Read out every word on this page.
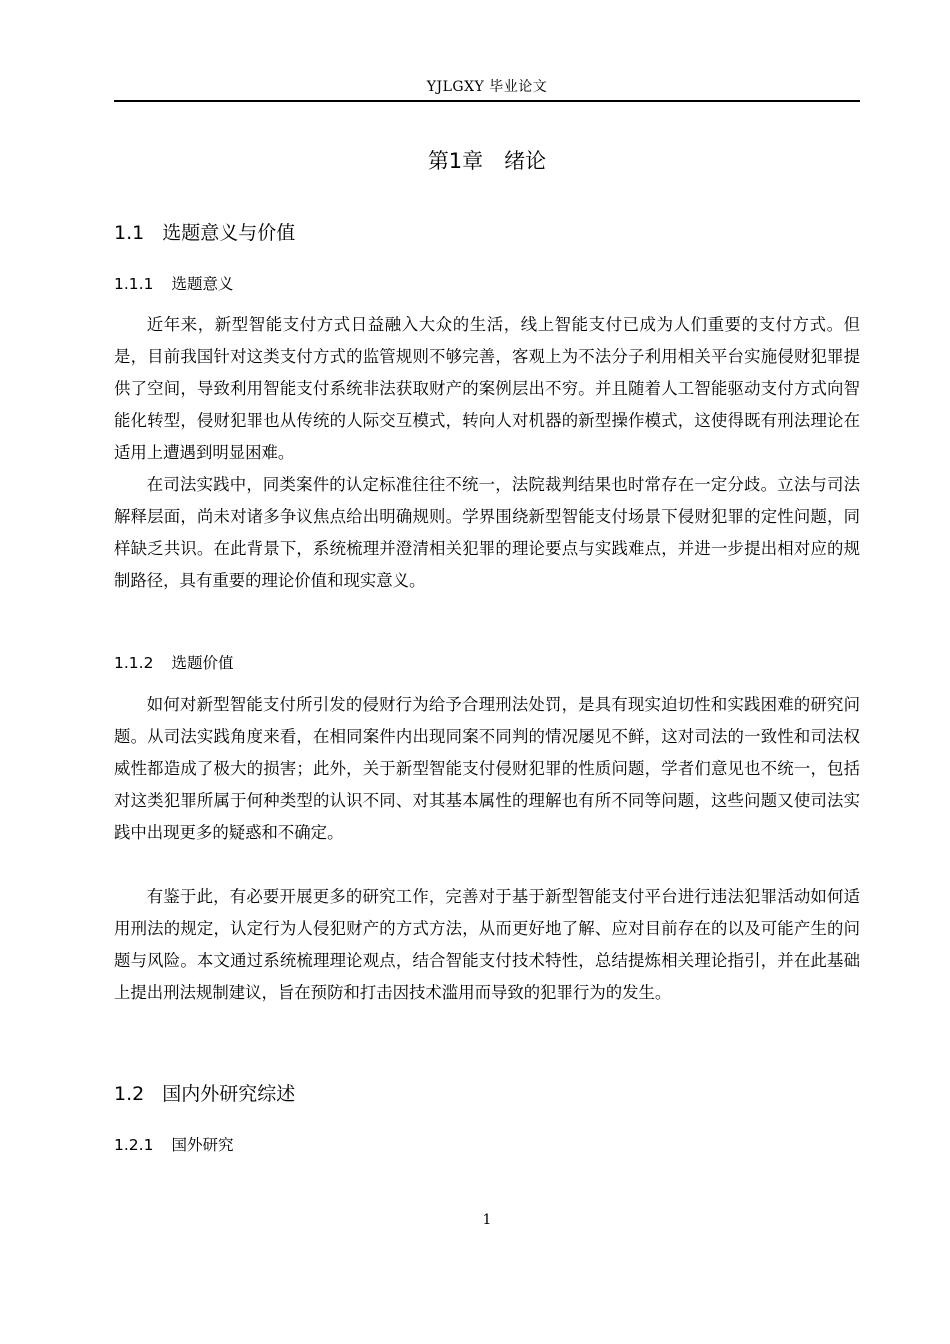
YJLGXY 毕业论文
第1章　绪论
1.1 选题意义与价值
1.1.1 选题意义

近年来，新型智能支付方式日益融入大众的生活，线上智能支付已成为人们重要的支付方式。但是，目前我国针对这类支付方式的监管规则不够完善，客观上为不法分子利用相关平台实施侵财犯罪提供了空间，导致利用智能支付系统非法获取财产的案例层出不穷。并且随着人工智能驱动支付方式向智能化转型，侵财犯罪也从传统的人际交互模式，转向人对机器的新型操作模式，这使得既有刑法理论在适用上遭遇到明显困难。

在司法实践中，同类案件的认定标准往往不统一，法院裁判结果也时常存在一定分歧。立法与司法解释层面，尚未对诸多争议焦点给出明确规则。学界围绕新型智能支付场景下侵财犯罪的定性问题，同样缺乏共识。在此背景下，系统梳理并澄清相关犯罪的理论要点与实践难点，并进一步提出相对应的规制路径，具有重要的理论价值和现实意义。

1.1.2 选题价值

如何对新型智能支付所引发的侵财行为给予合理刑法处罚，是具有现实迫切性和实践困难的研究问题。从司法实践角度来看，在相同案件内出现同案不同判的情况屡见不鲜，这对司法的一致性和司法权威性都造成了极大的损害；此外，关于新型智能支付侵财犯罪的性质问题，学者们意见也不统一，包括对这类犯罪所属于何种类型的认识不同、对其基本属性的理解也有所不同等问题，这些问题又使司法实践中出现更多的疑惑和不确定。

有鉴于此，有必要开展更多的研究工作，完善对于基于新型智能支付平台进行违法犯罪活动如何适用刑法的规定，认定行为人侵犯财产的方式方法，从而更好地了解、应对目前存在的以及可能产生的问题与风险。本文通过系统梳理理论观点，结合智能支付技术特性，总结提炼相关理论指引，并在此基础上提出刑法规制建议，旨在预防和打击因技术滥用而导致的犯罪行为的发生。

1.2 国内外研究综述
1.2.1 国外研究
1
